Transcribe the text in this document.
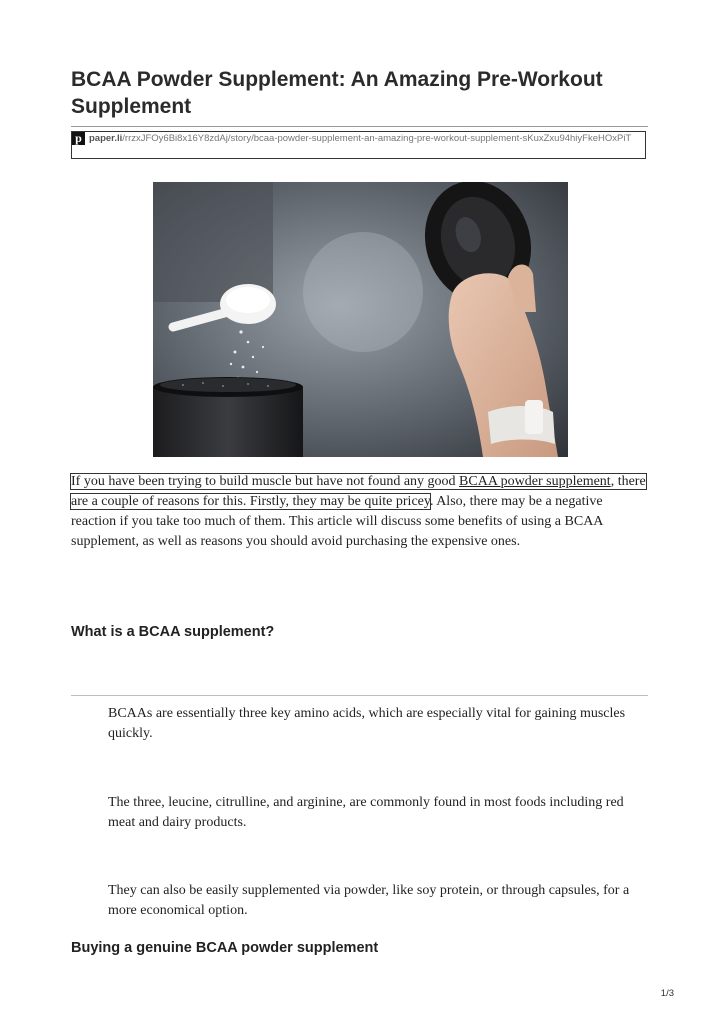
BCAA Powder Supplement: An Amazing Pre-Workout Supplement
p paper.li/rrzxJFOy6Bi8x16Y8zdAj/story/bcaa-powder-supplement-an-amazing-pre-workout-supplement-sKuxZxu94hiyFkeHOxPiT

If you have been trying to build muscle but have not found any good BCAA powder supplement, there are a couple of reasons for this. Firstly, they may be quite pricey. Also, there may be a negative reaction if you take too much of them. This article will discuss some benefits of using a BCAA supplement, as well as reasons you should avoid purchasing the expensive ones.

What is a BCAA supplement?

BCAAs are essentially three key amino acids, which are especially vital for gaining muscles quickly.

The three, leucine, citrulline, and arginine, are commonly found in most foods including red meat and dairy products.

They can also be easily supplemented via powder, like soy protein, or through capsules, for a more economical option.

Buying a genuine BCAA powder supplement
1/3
